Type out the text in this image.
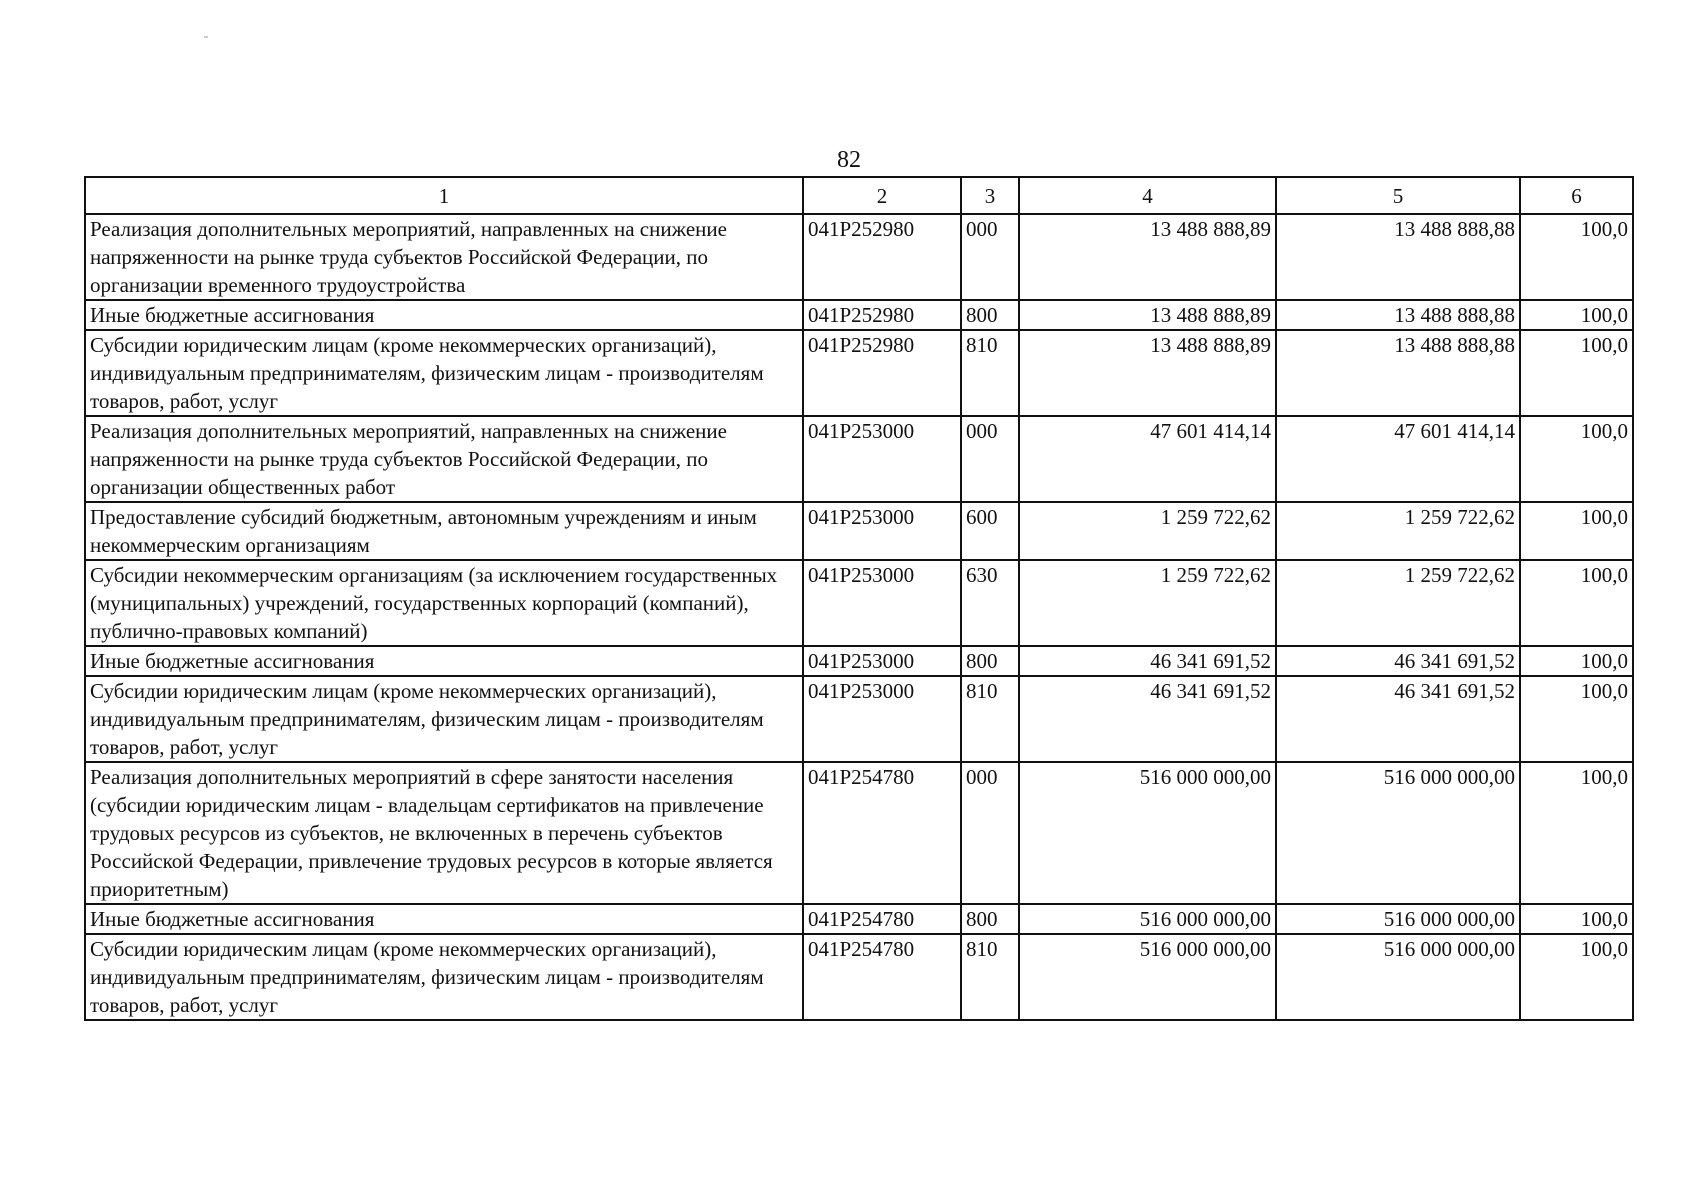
82
1	2	3	4	5	6
Реализация дополнительных мероприятий, направленных на снижение напряженности на рынке труда субъектов Российской Федерации, по организации временного трудоустройства	041P252980	000	13 488 888,89	13 488 888,88	100,0
Иные бюджетные ассигнования	041P252980	800	13 488 888,89	13 488 888,88	100,0
Субсидии юридическим лицам (кроме некоммерческих организаций), индивидуальным предпринимателям, физическим лицам - производителям товаров, работ, услуг	041P252980	810	13 488 888,89	13 488 888,88	100,0
Реализация дополнительных мероприятий, направленных на снижение напряженности на рынке труда субъектов Российской Федерации, по организации общественных работ	041P253000	000	47 601 414,14	47 601 414,14	100,0
Предоставление субсидий бюджетным, автономным учреждениям и иным некоммерческим организациям	041P253000	600	1 259 722,62	1 259 722,62	100,0
Субсидии некоммерческим организациям (за исключением государственных (муниципальных) учреждений, государственных корпораций (компаний), публично-правовых компаний)	041P253000	630	1 259 722,62	1 259 722,62	100,0
Иные бюджетные ассигнования	041P253000	800	46 341 691,52	46 341 691,52	100,0
Субсидии юридическим лицам (кроме некоммерческих организаций), индивидуальным предпринимателям, физическим лицам - производителям товаров, работ, услуг	041P253000	810	46 341 691,52	46 341 691,52	100,0
Реализация дополнительных мероприятий в сфере занятости населения (субсидии юридическим лицам - владельцам сертификатов на привлечение трудовых ресурсов из субъектов, не включенных в перечень субъектов Российской Федерации, привлечение трудовых ресурсов в которые является приоритетным)	041P254780	000	516 000 000,00	516 000 000,00	100,0
Иные бюджетные ассигнования	041P254780	800	516 000 000,00	516 000 000,00	100,0
Субсидии юридическим лицам (кроме некоммерческих организаций), индивидуальным предпринимателям, физическим лицам - производителям товаров, работ, услуг	041P254780	810	516 000 000,00	516 000 000,00	100,0
